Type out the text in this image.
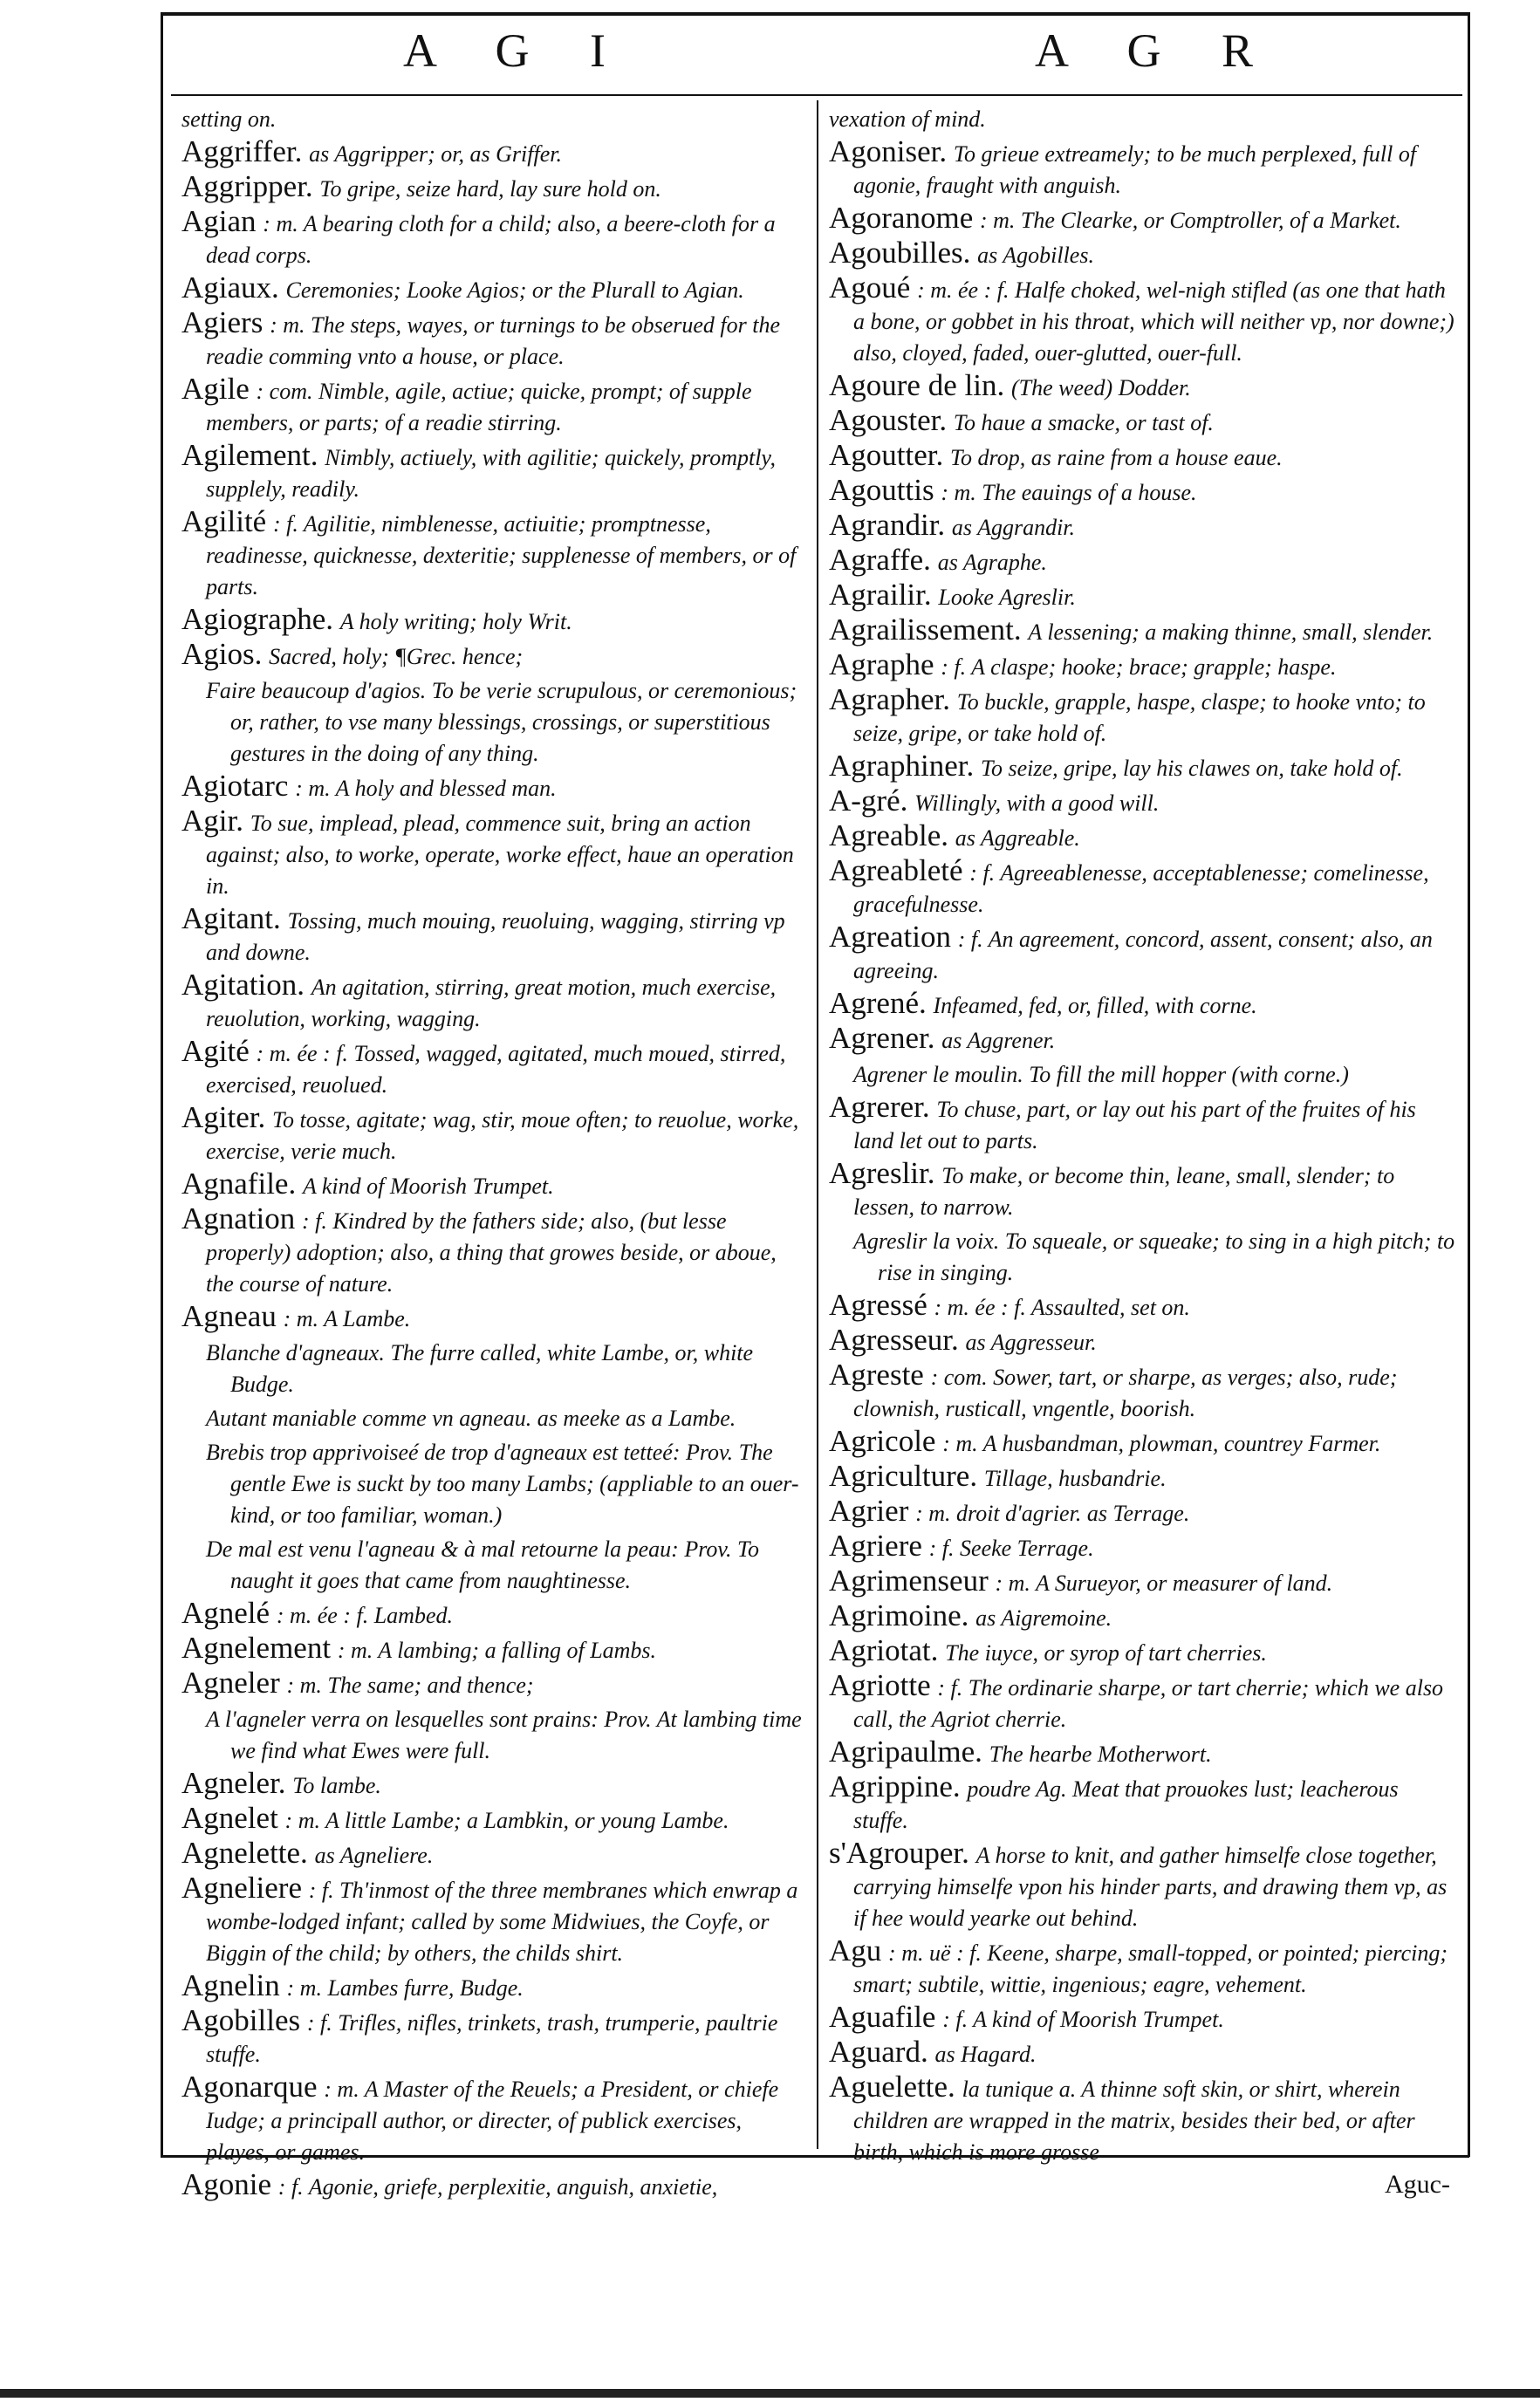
A G I	A G R
setting on.
Aggriffer. as Aggripper; or, as Griffer.
Aggripper. To gripe, seize hard, lay sure hold on.
Agian : m. A bearing cloth for a child; also, a beere-cloth for a dead corps.
Agiaux. Ceremonies; Looke Agios; or the Plurall to Agian.
Agiers : m. The steps, wayes, or turnings to be obserued for the readie comming vnto a house, or place.
Agile : com. Nimble, agile, actiue; quicke, prompt; of supple members, or parts; of a readie stirring.
Agilement. Nimbly, actiuely, with agilitie; quickely, promptly, supplely, readily.
Agilité : f. Agilitie, nimblenesse, actiuitie; promptnesse, readinesse, quicknesse, dexteritie; supplenesse of members, or of parts.
Agiographe. A holy writing; holy Writ.
Agios. Sacred, holy; ¶Grec. hence;
Faire beaucoup d'agios. To be verie scrupulous, or ceremonious; or, rather, to vse many blessings, crossings, or superstitious gestures in the doing of any thing.
Agiotarc : m. A holy and blessed man.
Agir. To sue, implead, plead, commence suit, bring an action against; also, to worke, operate, worke effect, haue an operation in.
Agitant. Tossing, much mouing, reuoluing, wagging, stirring vp and downe.
Agitation. An agitation, stirring, great motion, much exercise, reuolution, working, wagging.
Agité : m. ée : f. Tossed, wagged, agitated, much moued, stirred, exercised, reuolued.
Agiter. To tosse, agitate; wag, stir, moue often; to reuolue, worke, exercise, verie much.
Agnafile. A kind of Moorish Trumpet.
Agnation : f. Kindred by the fathers side; also, (but lesse properly) adoption; also, a thing that growes beside, or aboue, the course of nature.
Agneau : m. A Lambe.
Blanche d'agneaux. The furre called, white Lambe, or, white Budge.
Autant maniable comme vn agneau. as meeke as a Lambe.
Brebis trop apprivoiseé de trop d'agneaux est tetteé: Prov. The gentle Ewe is suckt by too many Lambs; (appliable to an ouer-kind, or too familiar, woman.)
De mal est venu l'agneau & à mal retourne la peau: Prov. To naught it goes that came from naughtinesse.
Agnelé : m. ée : f. Lambed.
Agnelement : m. A lambing; a falling of Lambs.
Agneler : m. The same; and thence;
A l'agneler verra on lesquelles sont prains: Prov. At lambing time we find what Ewes were full.
Agneler. To lambe.
Agnelet : m. A little Lambe; a Lambkin, or young Lambe.
Agnelette. as Agneliere.
Agneliere : f. Th'inmost of the three membranes which enwrap a wombe-lodged infant; called by some Midwiues, the Coyfe, or Biggin of the child; by others, the childs shirt.
Agnelin : m. Lambes furre, Budge.
Agobilles : f. Trifles, nifles, trinkets, trash, trumperie, paultrie stuffe.
Agonarque : m. A Master of the Reuels; a President, or chiefe Iudge; a principall author, or directer, of publick exercises, playes, or games.
Agonie : f. Agonie, griefe, perplexitie, anguish, anxietie,
vexation of mind.
Agoniser. To grieue extreamely; to be much perplexed, full of agonie, fraught with anguish.
Agoranome : m. The Clearke, or Comptroller, of a Market.
Agoubilles. as Agobilles.
Agoué : m. ée : f. Halfe choked, wel-nigh stifled (as one that hath a bone, or gobbet in his throat, which will neither vp, nor downe;) also, cloyed, faded, ouer-glutted, ouer-full.
Agoure de lin. (The weed) Dodder.
Agouster. To haue a smacke, or tast of.
Agoutter. To drop, as raine from a house eaue.
Agouttis : m. The eauings of a house.
Agrandir. as Aggrandir.
Agraffe. as Agraphe.
Agrailir. Looke Agreslir.
Agrailissement. A lessening; a making thinne, small, slender.
Agraphe : f. A claspe; hooke; brace; grapple; haspe.
Agrapher. To buckle, grapple, haspe, claspe; to hooke vnto; to seize, gripe, or take hold of.
Agraphiner. To seize, gripe, lay his clawes on, take hold of.
A-gré. Willingly, with a good will.
Agreable. as Aggreable.
Agreableté : f. Agreeablenesse, acceptablenesse; comelinesse, gracefulnesse.
Agreation : f. An agreement, concord, assent, consent; also, an agreeing.
Agrené. Infeamed, fed, or, filled, with corne.
Agrener. as Aggrener.
Agrener le moulin. To fill the mill hopper (with corne.)
Agrerer. To chuse, part, or lay out his part of the fruites of his land let out to parts.
Agreslir. To make, or become thin, leane, small, slender; to lessen, to narrow.
Agreslir la voix. To squeale, or squeake; to sing in a high pitch; to rise in singing.
Agressé : m. ée : f. Assaulted, set on.
Agresseur. as Aggresseur.
Agreste : com. Sower, tart, or sharpe, as verges; also, rude; clownish, rusticall, vngentle, boorish.
Agricole : m. A husbandman, plowman, countrey Farmer.
Agriculture. Tillage, husbandrie.
Agrier : m. droit d'agrier. as Terrage.
Agriere : f. Seeke Terrage.
Agrimenseur : m. A Surueyor, or measurer of land.
Agrimoine. as Aigremoine.
Agriotat. The iuyce, or syrop of tart cherries.
Agriotte : f. The ordinarie sharpe, or tart cherrie; which we also call, the Agriot cherrie.
Agripaulme. The hearbe Motherwort.
Agrippine. poudre Ag. Meat that prouokes lust; leacherous stuffe.
s'Agrouper. A horse to knit, and gather himselfe close together, carrying himselfe vpon his hinder parts, and drawing them vp, as if hee would yearke out behind.
Agu : m. uë : f. Keene, sharpe, small-topped, or pointed; piercing; smart; subtile, wittie, ingenious; eagre, vehement.
Aguafile : f. A kind of Moorish Trumpet.
Aguard. as Hagard.
Aguelette. la tunique a. A thinne soft skin, or shirt, wherein children are wrapped in the matrix, besides their bed, or after birth, which is more grosse
Aguc-
